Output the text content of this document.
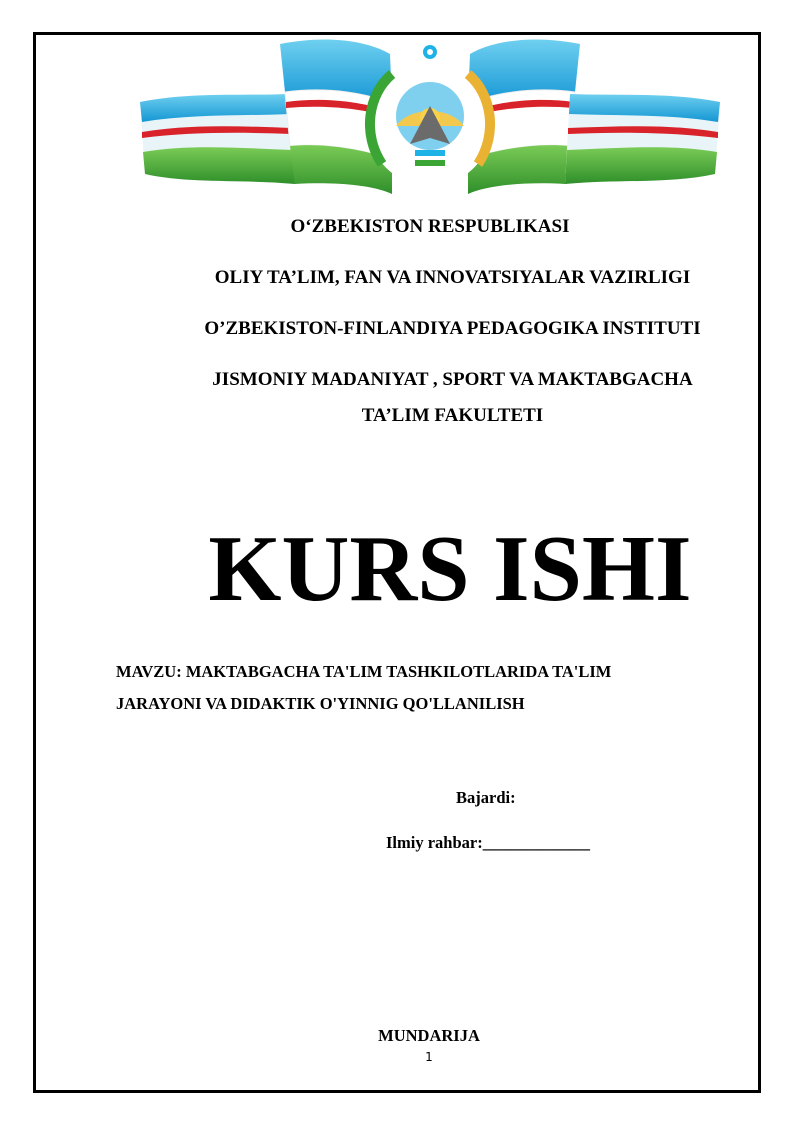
O‘ZBEKISTON RESPUBLIKASI
OLIY TA’LIM, FAN VA INNOVATSIYALAR VAZIRLIGI
O’ZBEKISTON-FINLANDIYA PEDAGOGIKA INSTITUTI
JISMONIY MADANIYAT , SPORT VA MAKTABGACHA
TA’LIM FAKULTETI
KURS ISHI
MAVZU: MAKTABGACHA TA'LIM TASHKILOTLARIDA TA'LIM
JARAYONI VA DIDAKTIK O'YINNIG QO'LLANILISH
Bajardi:
Ilmiy rahbar:_____________
MUNDARIJA
1
